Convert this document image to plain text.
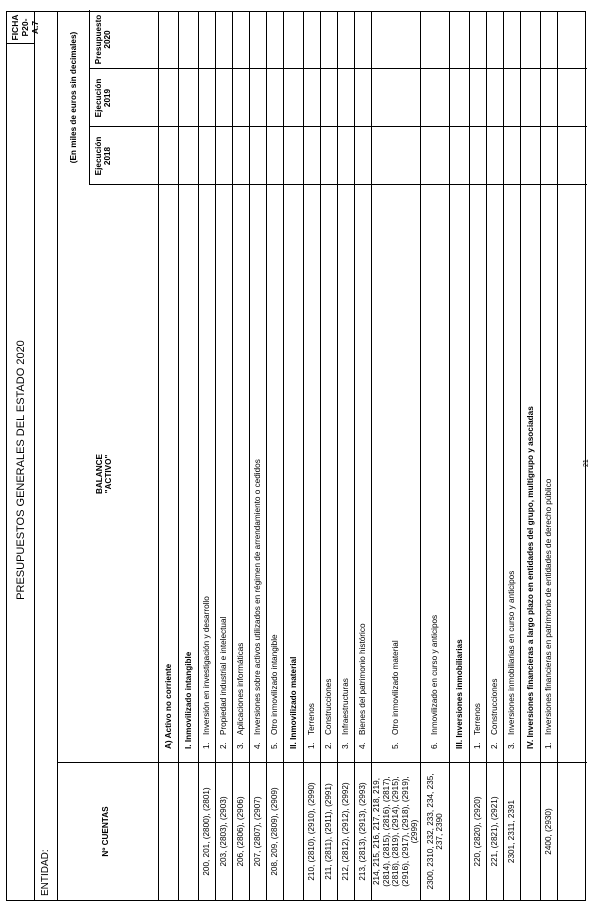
PRESUPUESTOS GENERALES DEL ESTADO 2020
FICHA P20-A.7
ENTIDAD:
Nº CUENTAS
BALANCE "ACTIVO"
(En miles de euros sin decimales) Ejecución 2018
Ejecución 2019
Presupuesto 2020
A) Activo no corriente I. Inmovilizado intangible
200, 201, (2800), (2801)
1.
Inversión en investigación y desarrollo
203, (2803), (2903)
2.
Propiedad industrial e intelectual
206, (2806), (2906)
3.
Aplicaciones informáticas
207, (2807), (2907)
4.
Inversiones sobre activos utilizados en régimen de arrendamiento o cedidos
208, 209, (2809), (2909)
5.
Otro inmovilizado intangible II. Inmovilizado material
210, (2810), (2910), (2990)
1.
Terrenos
211, (2811), (2911), (2991)
2.
Construcciones
212, (2812), (2912), (2992)
3.
Infraestructuras
213, (2813), (2913), (2993)
4.
Bienes del patrimonio histórico
214, 215, 216, 217, 218, 219, (2814), (2815), (2816), (2817), (2818), (2819), (2914), (2915), (2916), (2917), (2918), (2919), (2999)
5.
Otro inmovilizado material
2300, 2310, 232, 233, 234, 235, 237, 2390
6.
Inmovilizado en curso y anticipos III. Inversiones inmobiliarias
220, (2820), (2920)
1.
Terrenos
221, (2821), (2921)
2.
Construcciones
2301, 2311, 2391
3.
Inversiones inmobiliarias en curso y anticipos IV. Inversiones financieras a largo plazo en entidades del grupo, multigrupo y asociadas
2400, (2930)
1.
Inversiones financieras en patrimonio de entidades de derecho público
21
